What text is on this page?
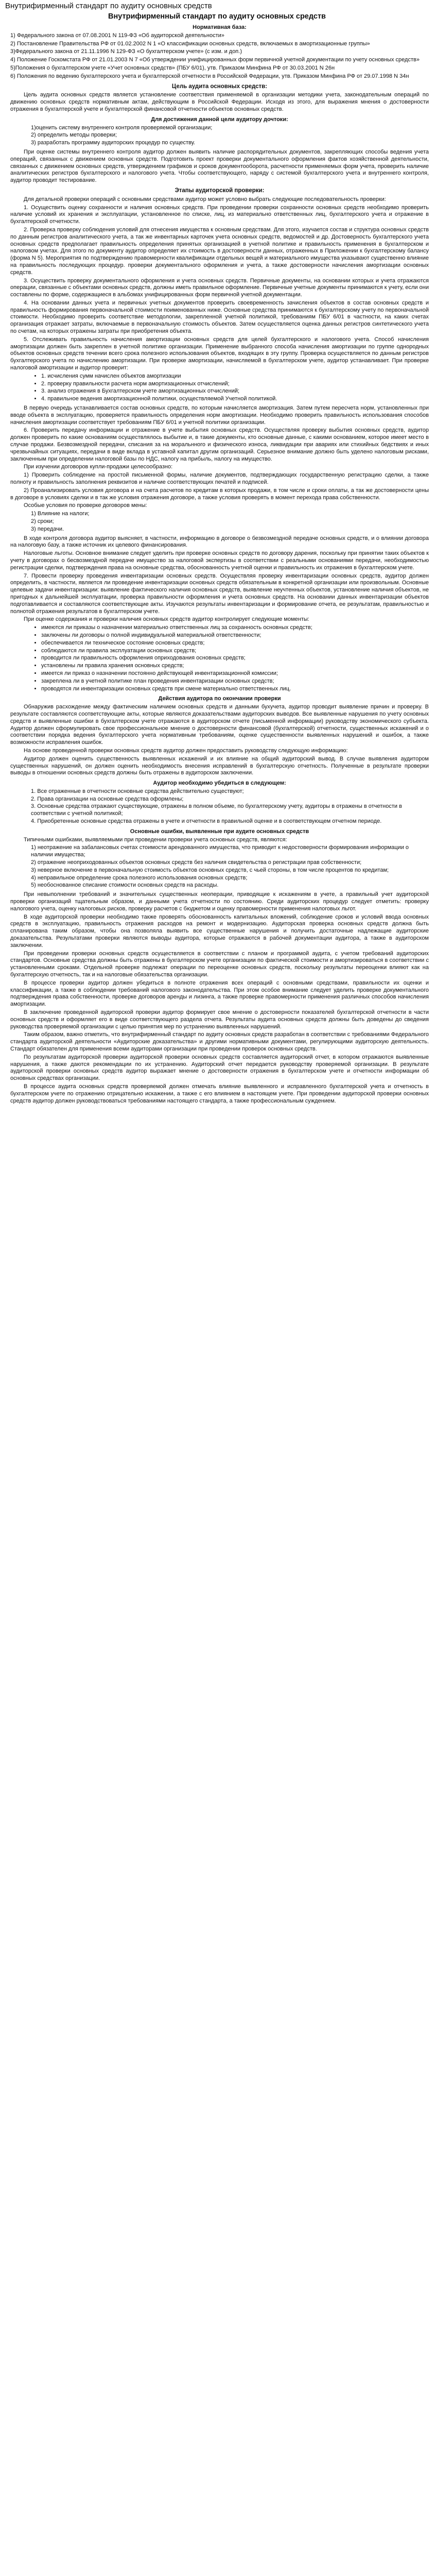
Внутрифирменный стандарт по аудиту основных средств
Внутрифирменный стандарт по аудиту основных средств
Нормативная база:

1) Федерального закона от 07.08.2001 N 119-ФЗ «Об аудиторской деятельности»

2) Постановление Правительства РФ от 01.02.2002 N 1 «О классификации основных средств, включаемых в амортизационные группы»

3)Федерального закона от 21.11.1996 N 129-ФЗ «О бухгалтерском учете» (с изм. и доп.)

4) Положение Госкомстата РФ от 21.01.2003 N 7 «Об утверждении унифицированных форм первичной учетной документации по учету основных средств»

5)Положения о бухгалтерском учете «Учет основных средств» (ПБУ 6/01), утв. Приказом Минфина РФ от 30.03.2001 N 26н

6) Положения по ведению бухгалтерского учета и бухгалтерской отчетности в Российской Федерации, утв. Приказом Минфина РФ от 29.07.1998 N 34н

Цель аудита основных средств:

Цель аудита основных средств является установление соответствия применяемой в организации методики учета, законодательным операций по движению основных средств нормативным актам, действующим в Российской Федерации. Исходя из этого, для выражения мнения о достоверности отражения в бухгалтерской учете и бухгалтерской финансовой отчетности объектов основных средств.

Для достижения данной цели аудитору дочтоки:
1)оценить систему внутреннего контроля проверяемой организации;
2) определить методы проверки;
3) разработать программу аудиторских процедур по существу.

При оценке системы внутреннего контроля аудитор должен выявить наличие распорядительных документов, закрепляющих способы ведения учета операций, связанных с движением основных средств. Подготовить проект проверки документального оформления фактов хозяйственной деятельности, связанных с движением основных средств, утверждением графиков и сроков документооборота, расчетности применяемых форм учета, проверить наличие аналитических регистров бухгалтерского и налогового учета. Чтобы соответствующего, наряду с системой бухгалтерского учета и внутреннего контроля, аудитор проводит тестирование.

Этапы аудиторской проверки:

Для детальной проверки операций с основными средствами аудитор может условно выбрать следующие последовательность проверки:

1. Осуществить оценку сохранности и наличия основных средств. При проведении проверки сохранности основных средств необходимо проверить наличие условий их хранения и эксплуатации, установленное по списке, лиц, из материально ответственных лиц, бухгалтерского учета и отражение в бухгалтерской отчетности.

2. Проверка проверку соблюдения условий для отнесения имущества к основным средствам. Для этого, изучается состав и структура основных средств по данным регистров аналитического учета, а так же инвентарных карточек учета основных средств, ведомостей и др. Достоверность бухгалтерского учета основных средств предполагает правильность определения принятых организацией в учетной политике и правильность применения в бухгалтерском и налоговом учетах. Для этого по документу аудитор определяет их стоимость в достоверности данных, отраженных в Приложении к бухгалтерскому балансу (форма N 5). Мероприятия по подтверждению правомерности квалификации отдельных вещей и материального имущества указывают существенно влияние на правильность последующих процедур. проверки документального оформления и учета, а также достоверности начисления амортизации основных средств.

3. Осуществить проверку документального оформления и учета основных средств. Первичные документы, на основании которых и учета отражаются операции, связанные с объектами основных средств, должны иметь правильное оформление. Первичные учетные документы принимаются к учету, если они составлены по форме, содержащиеся в альбомах унифицированных форм первичной учетной документации.

4. На основании данных учета и первичных учетных документов проверить своевременность зачисления объектов в состав основных средств и правильность формирования первоначальной стоимости поименованных ниже. Основные средства принимаются к бухгалтерскому учету по первоначальной стоимости. Необходимо проверить соответствие методологии, закрепленной учетной политикой, требованиям ПБУ 6/01 в частности, на каких счетах организация отражает затраты, включаемые в первоначальную стоимость объектов. Затем осуществляется оценка данных регистров синтетического учета по счетам, на которых отражены затраты при приобретения объекта.

5. Отслеживать правильность начисления амортизации основных средств для целей бухгалтерского и налогового учета. Способ начисления амортизации должен быть закреплен в учетной политике организации. Применение выбранного способа начисления амортизации по группе однородных объектов основных средств течении всего срока полезного использования объектов, входящих в эту группу. Проверка осуществляется по данным регистров бухгалтерского учета по начислению амортизации. При проверке амортизации, начисляемой в бухгалтерском учете, аудитор устанавливает. При проверке налоговой амортизации и аудитор проверит:

• 1. исчисления сумм начислен объектов амортизации
• 2. проверку правильности расчета норм амортизационных отчислений;
• 3. анализ отражения в Бухгалтерском учете амортизационных отчислений;
• 4. правильное ведения амортизационной политики, осуществляемой Учетной политикой.

В первую очередь устанавливается состав основных средств, по которым начисляется амортизация. Затем путем пересчета норм, установленных при вводе объекта в эксплуатацию, проверяется правильность определения норм амортизации. Необходимо проверить правильность использования способов начисления амортизации соответствует требованиям ПБУ 6/01 и учетной политики организации.

6. Проверить передачу информации и отражение в учете выбытия основных средств. Осуществляя проверку выбытия основных средств, аудитор должен проверить по какие основаниям осуществлялось выбытие и, в такие документы, кто основные данные, с какими основанием, которое имеет место в случае продажи. Безвозмездной передачи, списания за на моральнного и физического износа, ликвидации при авариях или стихийных бедствиях и иных чрезвычайных ситуациях, передачи в виде вклада в уставной капитал другим организаций. Серьезное внимание должно быть уделено налоговым рисками, заключенным при определении налоговой базы по НДС, налогу на прибыль, налогу на имущество.

При изучении договоров купли-продажи целесообразно:

1) Проверить соблюдение на простой письменной формы, наличие документов, подтверждающих государственную регистрацию сделки, а также полноту и правильность заполнения реквизитов и наличие соответствующих печатей и подписей.

2) Проанализировать условия договора и на счета расчетов по кредитам в которых продажи, в том числе и сроки оплаты, а так же достоверности цены в договоре в условиях сделки и в так же условия отражения договоре, а также условия проверять в момент перехода права собственности.

Особые условия по проверке договоров мены:

1) Влияние на налоги;
2) сроки;
3) передачи.

В ходе контроля договора аудитор выясняет, в частности, информацию в договоре о безвозмездной передаче основных средств, и о влиянии договора на налоговую базу, а также источник их целевого финансирования.

Налоговые льготы. Основное внимание следует уделить при проверке основных средств по договору дарения, поскольку при принятии таких объектов к учету в договорах о бесвозмездной передаче имущество за налоговой экспертизы в соответствии с реальными основаниями передачи, необходимостью регистрации сделки, подтверждения права на основные средства, обоснованность учетной оценки и правильность их отражения в бухгалтерском учете.

7. Провести проверку проведения инвентаризации основных средств. Осуществляя проверку инвентаризации основных средств, аудитор должен определить, в частности, является ли проведение инвентаризации основных средств обязательным в конкретной организации или произвольным. Основные целевые задачи инвентаризации: выявление фактического наличия основных средств, выявление неучтенных объектов, установление наличия объектов, не пригодных к дальнейшей эксплуатации, проверка правильности оформления и учета основных средств. На основании данных инвентаризации объектов подготавливается и составляются соответствующие акты. Изучаются результаты инвентаризации и формирование отчета, ее результатам, правильностью и полнотой отражения результатов в бухгалтерском учете.

При оценке содержания и проверки наличия основных средств аудитор контролирует следующие моменты:

• имеются ли приказы о назначении материально ответственных лиц за сохранность основных средств;
• заключены ли договоры о полной индивидуальной материальной ответственности;
• обеспечивается ли техническое состояние основных средств;
• соблюдаются ли правила эксплуатации основных средств;
• проводится ли правильность оформления оприходования основных средств;
• установлены ли правила хранения основных средств;
• имеется ли приказ о назначении постоянно действующей инвентаризационной комиссии;
• закреплена ли в учетной политике план проведения инвентаризации основных средств;
• проводятся ли инвентаризации основных средств при смене материально ответственных лиц.
Действия аудитора по окончании проверки

Обнаружив расхождение между фактическим наличием основных средств и данными бухучета, аудитор проводит выявление причин и проверку. В результате составляются соответствующие акты, которые являются доказательствами аудиторских выводов. Все выявленные нарушения по учету основных средств и выявленные ошибки в бухгалтерском учете отражаются в аудиторском отчете (письменной информации) руководству экономического субъекта. Аудитор должен сформулировать свое профессиональное мнение о достоверности финансовой (бухгалтерской) отчетности, существенных искажений и о соответствии порядка ведения бухгалтерского учета нормативным требованиям, оценке существенности выявленных нарушений и ошибок, а также возможности исправления ошибок.

На основе проведенной проверки основных средств аудитор должен предоставить руководству следующую информацию:

Аудитор должен оценить существенность выявленных искажений и их влияние на общий аудиторский вывод. В случае выявления аудитором существенных нарушений, он должен оценить необходимость внесения исправлений в бухгалтерскую отчетность. Полученные в результате проверки выводы в отношении основных средств должны быть отражены в аудиторском заключении.

Аудитор необходимо убедиться в следующем:
1. Все отраженные в отчетности основные средства действительно существуют;
2. Права организации на основные средства оформлены;
3. Основные средства отражают существующие, отражены в полном объеме, по бухгалтерскому учету, аудиторы в отражены в отчетности в соответствии с учетной политикой;
4. Приобретенные основные средства отражены в учете и отчетности в правильной оценке и в соответствующем отчетном периоде.
Основные ошибки, выявленные при аудите основных средств

Типичными ошибками, выявляемыми при проведении проверки учета основных средств, являются:

1) неотражение на забалансовых счетах стоимости арендованного имущества, что приводит к недостоверности формирования информации о наличии имущества;
2) отражение неоприходованных объектов основных средств без наличия свидетельства о регистрации прав собственности;
3) неверное включение в первоначальную стоимость объектов основных средств, с чьей стороны, в том числе процентов по кредитам;
4) неправильное определение срока полезного использования основных средств;
5) необоснованное списание стоимости основных средств на расходы.

При невыполнении требований и значительных существенных неоперации, приводящие к искажениям в учете, а правильный учет аудиторской проверки организаций тщательным образом, и данными учета отчетности по состоянию. Среди аудиторских процедур следует отметить: проверку налогового учета, оценку налоговых рисков, проверку расчетов с бюджетом и оценку правомерности применения налоговых льгот.

В ходе аудиторской проверки необходимо также проверять обоснованность капитальных вложений, соблюдение сроков и условий ввода основных средств в эксплуатацию, правильность отражения расходов на ремонт и модернизацию. Аудиторская проверка основных средств должна быть спланирована таким образом, чтобы она позволяла выявить все существенные нарушения и получить достаточные надлежащие аудиторские доказательства. Результатами проверки являются выводы аудитора, которые отражаются в рабочей документации аудитора, а также в аудиторском заключении.

При проведении проверки основных средств осуществляется в соответствии с планом и программой аудита, с учетом требований аудиторских стандартов. Основные средства должны быть отражены в бухгалтерском учете организации по фактической стоимости и амортизироваться в соответствии с установленными сроками. Отдельной проверке подлежат операции по переоценке основных средств, поскольку результаты переоценки влияют как на бухгалтерскую отчетность, так и на налоговые обязательства организации.

В процессе проверки аудитор должен убедиться в полноте отражения всех операций с основными средствами, правильности их оценки и классификации, а также в соблюдении требований налогового законодательства. При этом особое внимание следует уделить проверке документального подтверждения права собственности, проверке договоров аренды и лизинга, а также проверке правомерности применения различных способов начисления амортизации.

В заключение проведенной аудиторской проверки аудитор формирует свое мнение о достоверности показателей бухгалтерской отчетности в части основных средств и оформляет его в виде соответствующего раздела отчета. Результаты аудита основных средств должны быть доведены до сведения руководства проверяемой организации с целью принятия мер по устранению выявленных нарушений.

Таким образом, важно отметить, что внутрифирменный стандарт по аудиту основных средств разработан в соответствии с требованиями Федерального стандарта аудиторской деятельности «Аудиторские доказательства» и другими нормативными документами, регулирующими аудиторскую деятельность. Стандарт обязателен для применения всеми аудиторами организации при проведении проверок основных средств.

По результатам аудиторской проверки аудиторской проверки основных средств составляется аудиторский отчет, в котором отражаются выявленные нарушения, а также даются рекомендации по их устранению. Аудиторский отчет передается руководству проверяемой организации. В результате аудиторской проверки основных средств аудитор выражает мнение о достоверности отражения в бухгалтерском учете и отчетности информации об основных средствах организации.

В процессе аудита основных средств проверяемой должен отмечать влияние выявленного и исправленного бухгалтерской учета и отчетность в бухгалтерском учете по отражению отрицательно искажении, а также с его влиянием в настоящем учете. При проведении аудиторской проверки основных средств аудитор должен руководствоваться требованиями настоящего стандарта, а также профессиональным суждением.
